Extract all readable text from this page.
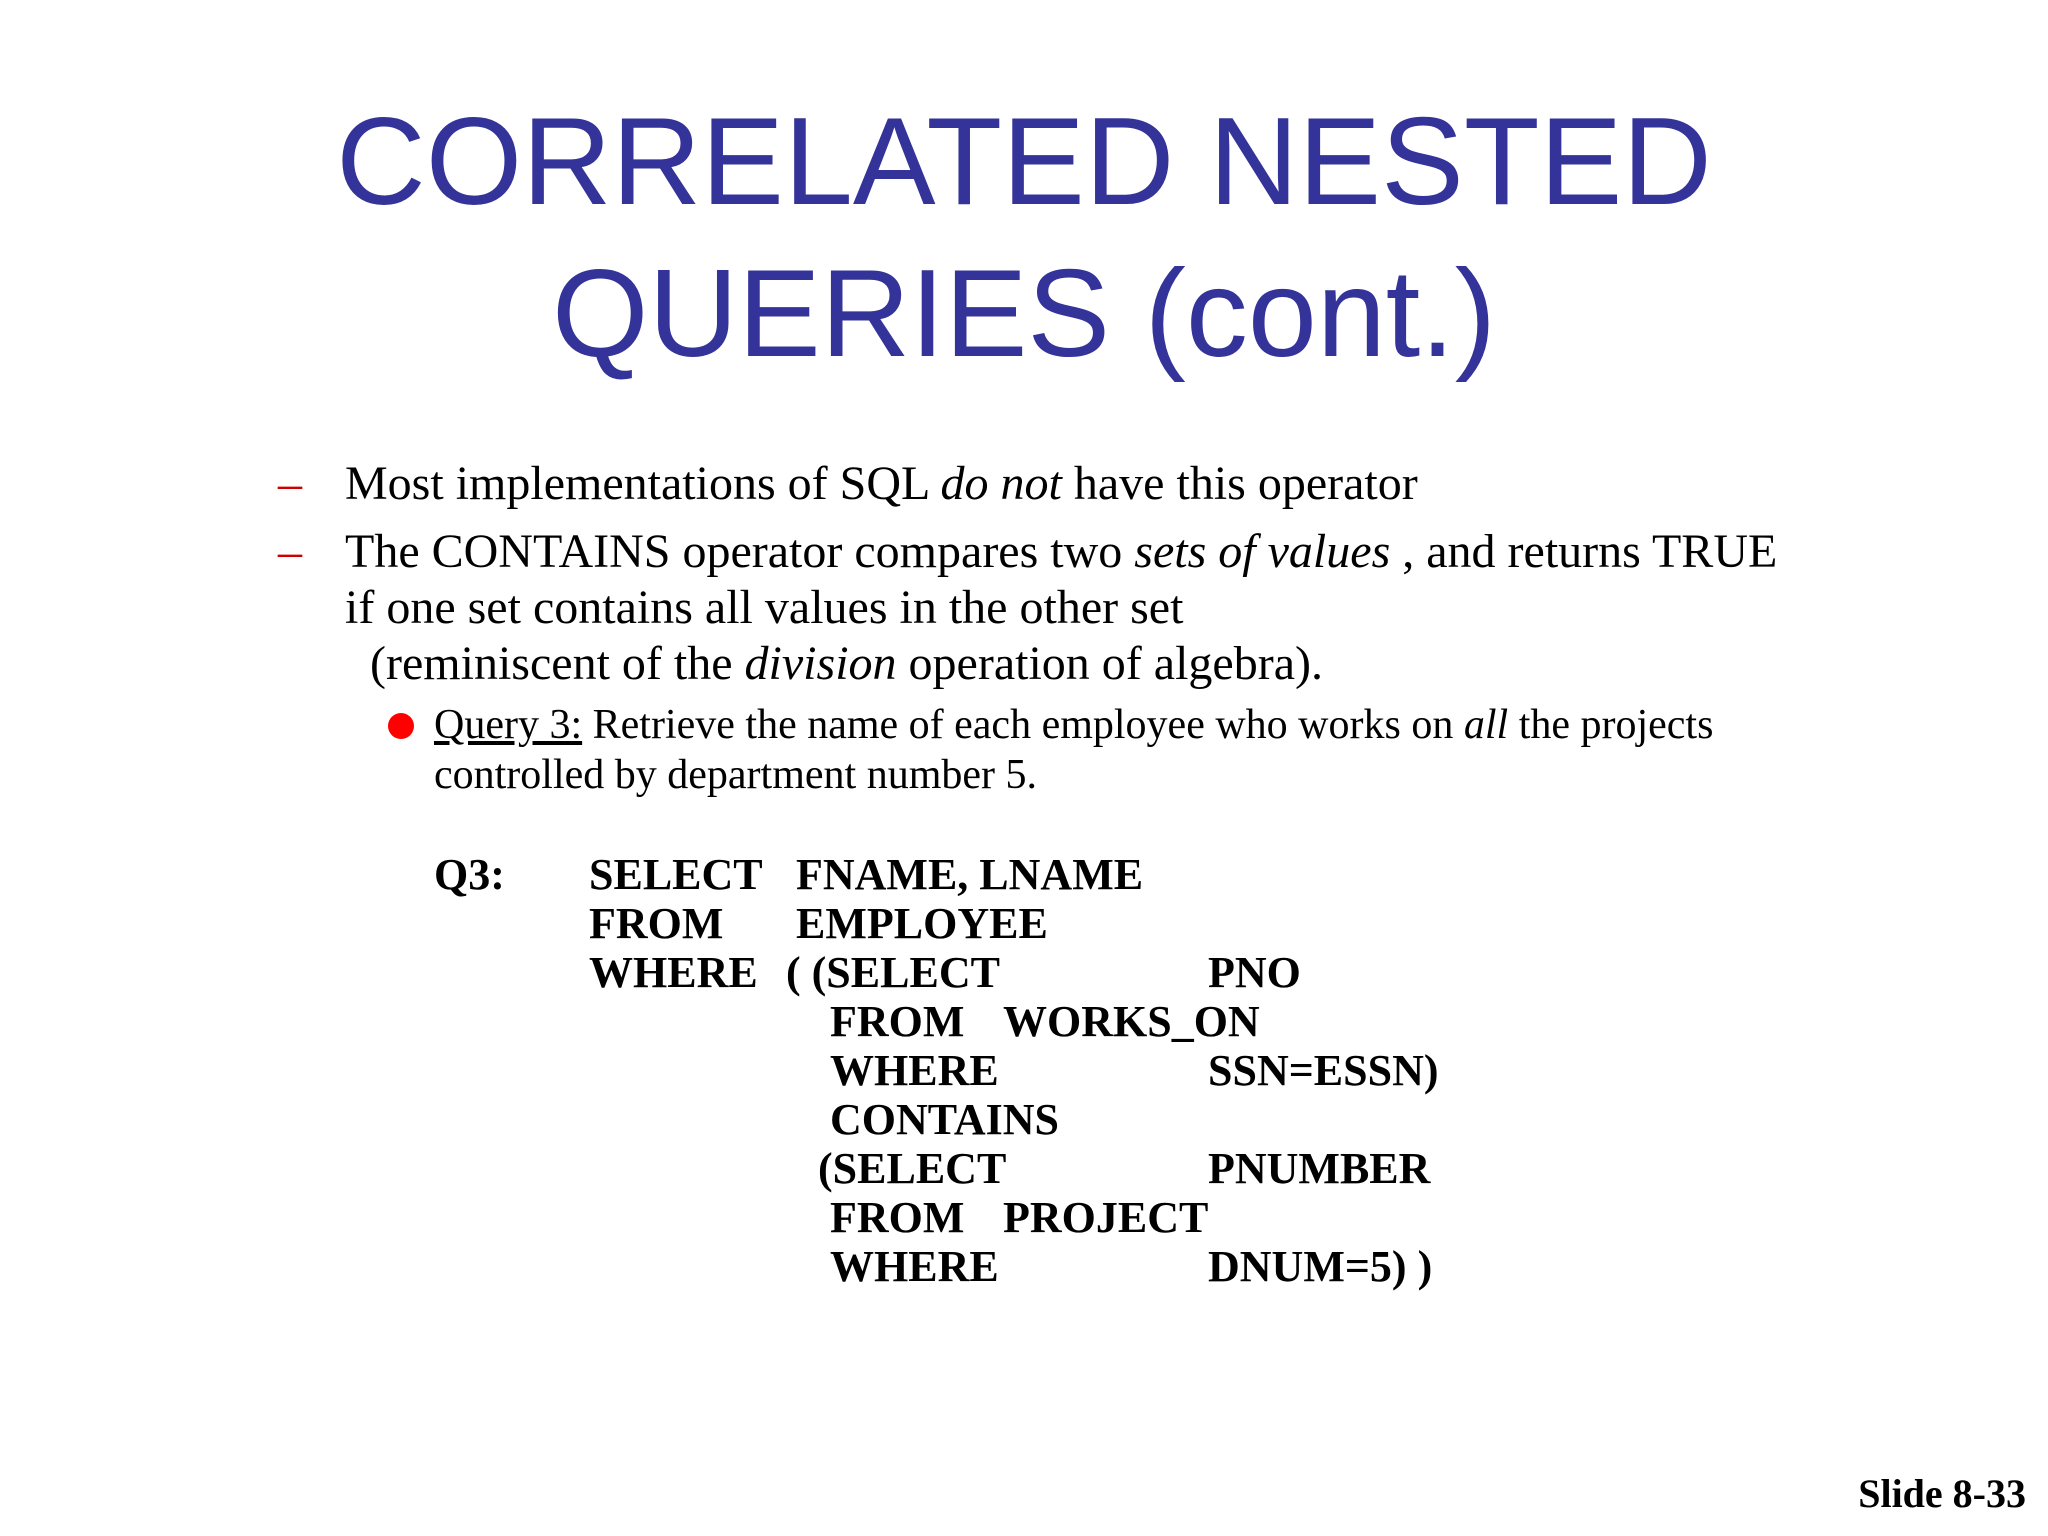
CORRELATED NESTED
QUERIES (cont.)
– Most implementations of SQL do not have this operator
– The CONTAINS operator compares two sets of values , and returns TRUE
if one set contains all values in the other set
(reminiscent of the division operation of algebra).
Query 3: Retrieve the name of each employee who works on all the projects
controlled by department number 5.
Q3: SELECT FNAME, LNAME
FROM EMPLOYEE
WHERE ( (SELECT	PNO
FROM WORKS_ON
WHERE	SSN=ESSN)
CONTAINS
(SELECT	PNUMBER
FROM PROJECT
WHERE	DNUM=5) )
Slide 8-33
